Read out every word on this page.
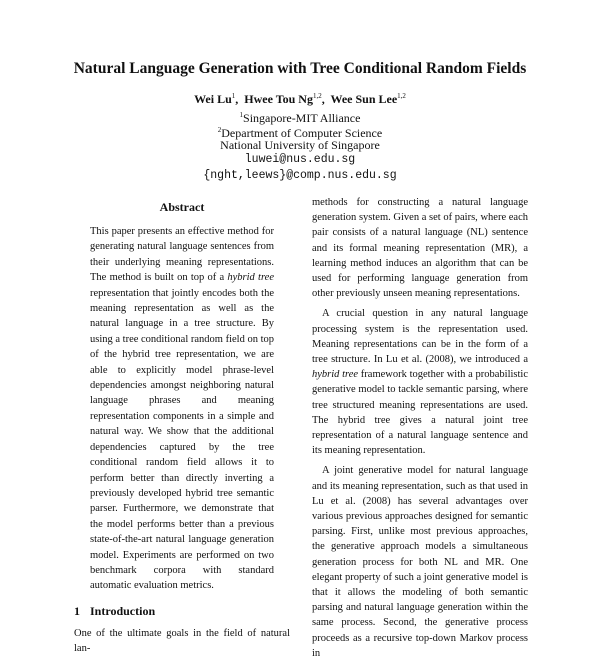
Natural Language Generation with Tree Conditional Random Fields
Wei Lu$^1$,  Hwee Tou Ng$^{1,2}$,  Wee Sun Lee$^{1,2}$
$^1$Singapore-MIT Alliance
$^2$Department of Computer Science
National University of Singapore
luwei@nus.edu.sg
{nght,leews}@comp.nus.edu.sg
Abstract

This paper presents an effective method for generating natural language sentences from their underlying meaning representations. The method is built on top of a hybrid tree representation that jointly encodes both the meaning representation as well as the natural language in a tree structure. By using a tree conditional random field on top of the hybrid tree representation, we are able to explicitly model phrase-level dependencies amongst neighboring natural language phrases and meaning representation components in a simple and natural way. We show that the additional dependencies captured by the tree conditional random field allows it to perform better than directly inverting a previously developed hybrid tree semantic parser. Furthermore, we demonstrate that the model performs better than a previous state-of-the-art natural language generation model. Experiments are performed on two benchmark corpora with standard automatic evaluation metrics.

1 Introduction

One of the ultimate goals in the field of natural lan-

methods for constructing a natural language generation system. Given a set of pairs, where each pair consists of a natural language (NL) sentence and its formal meaning representation (MR), a learning method induces an algorithm that can be used for performing language generation from other previously unseen meaning representations.

A crucial question in any natural language processing system is the representation used. Meaning representations can be in the form of a tree structure. In Lu et al. (2008), we introduced a hybrid tree framework together with a probabilistic generative model to tackle semantic parsing, where tree structured meaning representations are used. The hybrid tree gives a natural joint tree representation of a natural language sentence and its meaning representation.

A joint generative model for natural language and its meaning representation, such as that used in Lu et al. (2008) has several advantages over various previous approaches designed for semantic parsing. First, unlike most previous approaches, the generative approach models a simultaneous generation process for both NL and MR. One elegant property of such a joint generative model is that it allows the modeling of both semantic parsing and natural language generation within the same process. Second, the generative process proceeds as a recursive top-down Markov process in
